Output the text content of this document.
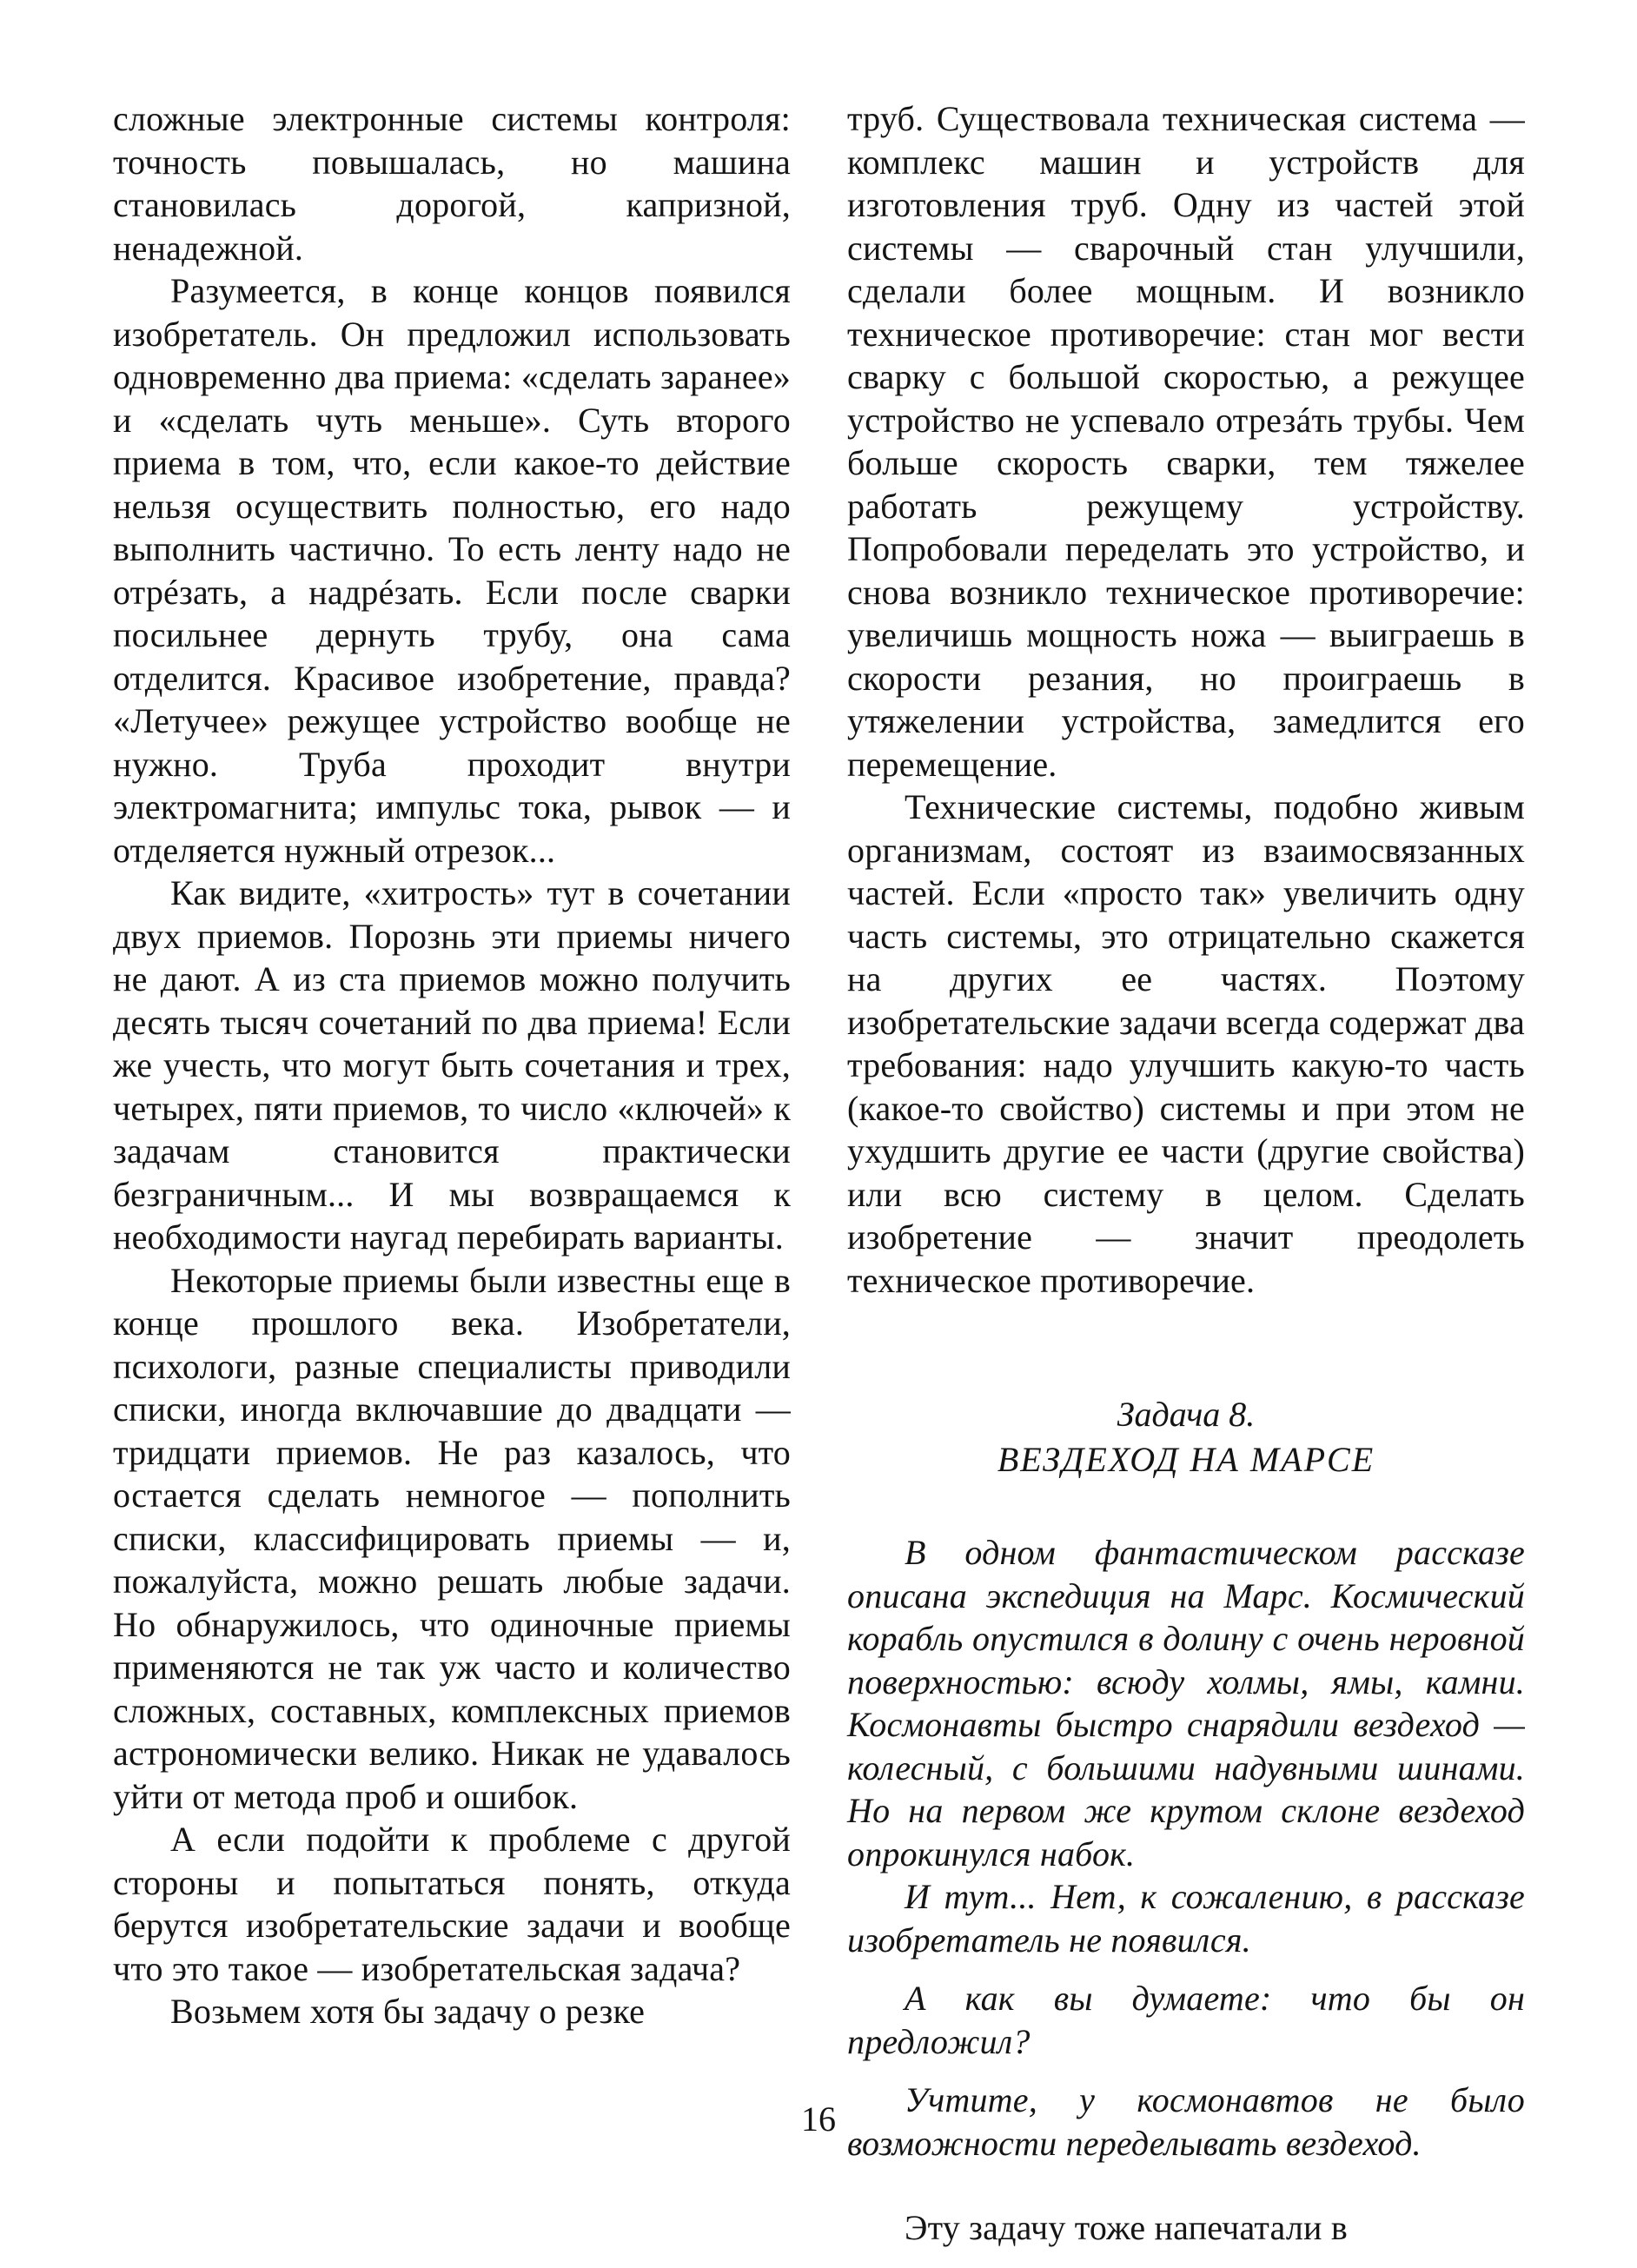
сложные электронные системы контроля: точность повышалась, но машина становилась дорогой, капризной, ненадежной.

Разумеется, в конце концов появился изобретатель. Он предложил использовать одновременно два приема: «сделать заранее» и «сделать чуть меньше». Суть второго приема в том, что, если какое-то действие нельзя осуществить полностью, его надо выполнить частично. То есть ленту надо не отрéзать, а надрéзать. Если после сварки посильнее дернуть трубу, она сама отделится. Красивое изобретение, правда? «Летучее» режущее устройство вообще не нужно. Труба проходит внутри электромагнита; импульс тока, рывок — и отделяется нужный отрезок...

Как видите, «хитрость» тут в сочетании двух приемов. Порознь эти приемы ничего не дают. А из ста приемов можно получить десять тысяч сочетаний по два приема! Если же учесть, что могут быть сочетания и трех, четырех, пяти приемов, то число «ключей» к задачам становится практически безграничным... И мы возвращаемся к необходимости наугад перебирать варианты.

Некоторые приемы были известны еще в конце прошлого века. Изобретатели, психологи, разные специалисты приводили списки, иногда включавшие до двадцати — тридцати приемов. Не раз казалось, что остается сделать немногое — пополнить списки, классифицировать приемы — и, пожалуйста, можно решать любые задачи. Но обнаружилось, что одиночные приемы применяются не так уж часто и количество сложных, составных, комплексных приемов астрономически велико. Никак не удавалось уйти от метода проб и ошибок.

А если подойти к проблеме с другой стороны и попытаться понять, откуда берутся изобретательские задачи и вообще что это такое — изобретательская задача?

Возьмем хотя бы задачу о резке

труб. Существовала техническая система — комплекс машин и устройств для изготовления труб. Одну из частей этой системы — сварочный стан улучшили, сделали более мощным. И возникло техническое противоречие: стан мог вести сварку с большой скоростью, а режущее устройство не успевало отрезáть трубы. Чем больше скорость сварки, тем тяжелее работать режущему устройству. Попробовали переделать это устройство, и снова возникло техническое противоречие: увеличишь мощность ножа — выиграешь в скорости резания, но проиграешь в утяжелении устройства, замедлится его перемещение.

Технические системы, подобно живым организмам, состоят из взаимосвязанных частей. Если «просто так» увеличить одну часть системы, это отрицательно скажется на других ее частях. Поэтому изобретательские задачи всегда содержат два требования: надо улучшить какую-то часть (какое-то свойство) системы и при этом не ухудшить другие ее части (другие свойства) или всю систему в целом. Сделать изобретение — значит преодолеть техническое противоречие.

Задача 8.
ВЕЗДЕХОД НА МАРСЕ

В одном фантастическом рассказе описана экспедиция на Марс. Космический корабль опустился в долину с очень неровной поверхностью: всюду холмы, ямы, камни. Космонавты быстро снарядили вездеход — колесный, с большими надувными шинами. Но на первом же крутом склоне вездеход опрокинулся набок.

И тут... Нет, к сожалению, в рассказе изобретатель не появился.

А как вы думаете: что бы он предложил?

Учтите, у космонавтов не было возможности переделывать вездеход.

Эту задачу тоже напечатали в

16
